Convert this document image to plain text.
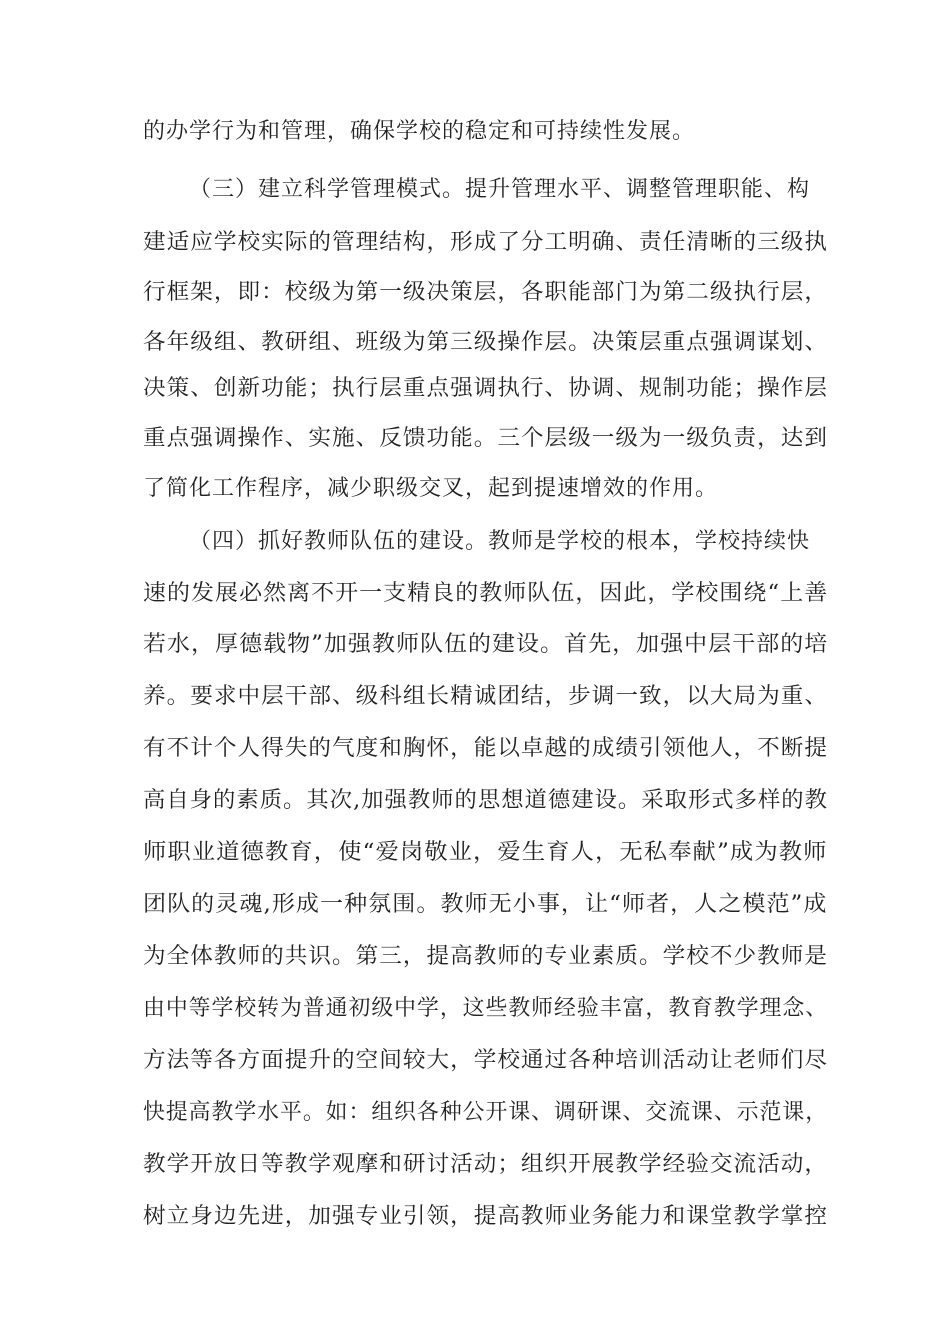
的办学行为和管理，确保学校的稳定和可持续性发展。
（三）建立科学管理模式。提升管理水平、调整管理职能、构
建适应学校实际的管理结构，形成了分工明确、责任清晰的三级执
行框架，即：校级为第一级决策层，各职能部门为第二级执行层，
各年级组、教研组、班级为第三级操作层。决策层重点强调谋划、
决策、创新功能；执行层重点强调执行、协调、规制功能；操作层
重点强调操作、实施、反馈功能。三个层级一级为一级负责，达到
了简化工作程序，减少职级交叉，起到提速增效的作用。
（四）抓好教师队伍的建设。教师是学校的根本，学校持续快
速的发展必然离不开一支精良的教师队伍，因此，学校围绕“上善
若水，厚德载物”加强教师队伍的建设。首先，加强中层干部的培
养。要求中层干部、级科组长精诚团结，步调一致，以大局为重、
有不计个人得失的气度和胸怀，能以卓越的成绩引领他人，不断提
高自身的素质。其次,加强教师的思想道德建设。采取形式多样的教
师职业道德教育，使“爱岗敬业，爱生育人，无私奉献”成为教师
团队的灵魂,形成一种氛围。教师无小事，让“师者，人之模范”成
为全体教师的共识。第三，提高教师的专业素质。学校不少教师是
由中等学校转为普通初级中学，这些教师经验丰富，教育教学理念、
方法等各方面提升的空间较大，学校通过各种培训活动让老师们尽
快提高教学水平。如：组织各种公开课、调研课、交流课、示范课，
教学开放日等教学观摩和研讨活动；组织开展教学经验交流活动，
树立身边先进，加强专业引领，提高教师业务能力和课堂教学掌控
